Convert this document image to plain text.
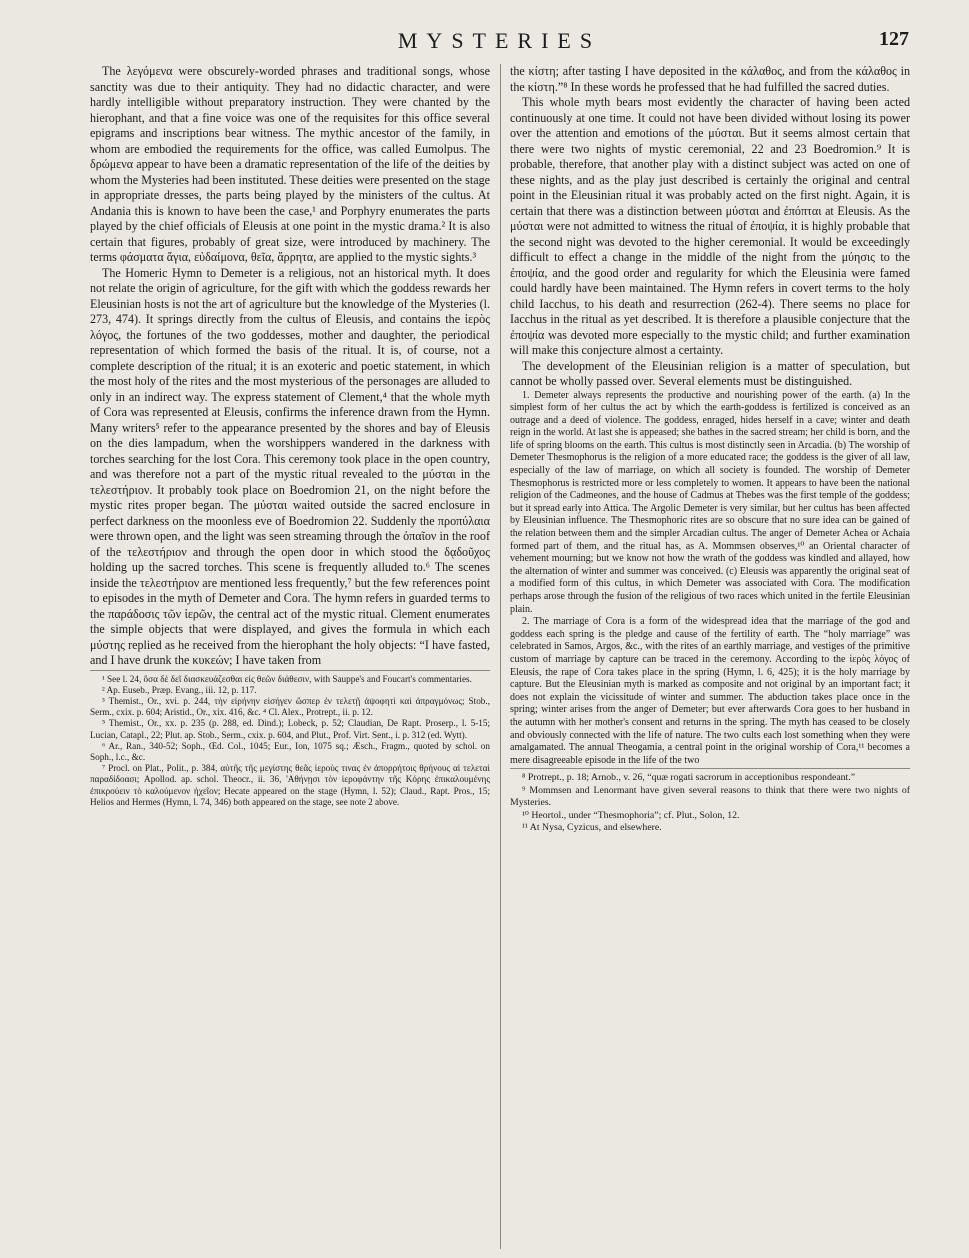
MYSTERIES	127

The λεγόμενα were obscurely-worded phrases and traditional songs, whose sanctity was due to their antiquity. They had no didactic character, and were hardly intelligible without preparatory instruction. They were chanted by the hierophant, and that a fine voice was one of the requisites for this office several epigrams and inscriptions bear witness. The mythic ancestor of the family, in whom are embodied the requirements for the office, was called Eumolpus. The δρώμενα appear to have been a dramatic representation of the life of the deities by whom the Mysteries had been instituted. These deities were presented on the stage in appropriate dresses, the parts being played by the ministers of the cultus. At Andania this is known to have been the case,¹ and Porphyry enumerates the parts played by the chief officials of Eleusis at one point in the mystic drama.² It is also certain that figures, probably of great size, were introduced by machinery. The terms φάσματα ἅγια, εὐδαίμονα, θεῖα, ἄρρητα, are applied to the mystic sights.³

The Homeric Hymn to Demeter is a religious, not an historical myth. It does not relate the origin of agriculture, for the gift with which the goddess rewards her Eleusinian hosts is not the art of agriculture but the knowledge of the Mysteries (l. 273, 474). It springs directly from the cultus of Eleusis, and contains the ἱερὸς λόγος, the fortunes of the two goddesses, mother and daughter, the periodical representation of which formed the basis of the ritual. It is, of course, not a complete description of the ritual; it is an exoteric and poetic statement, in which the most holy of the rites and the most mysterious of the personages are alluded to only in an indirect way. The express statement of Clement,⁴ that the whole myth of Cora was represented at Eleusis, confirms the inference drawn from the Hymn. Many writers⁵ refer to the appearance presented by the shores and bay of Eleusis on the dies lampadum, when the worshippers wandered in the darkness with torches searching for the lost Cora. This ceremony took place in the open country, and was therefore not a part of the mystic ritual revealed to the μύσται in the τελεστήριον. It probably took place on Boedromion 21, on the night before the mystic rites proper began. The μύσται waited outside the sacred enclosure in perfect darkness on the moonless eve of Boedromion 22. Suddenly the προπύλαια were thrown open, and the light was seen streaming through the ὀπαῖον in the roof of the τελεστήριον and through the open door in which stood the δᾳδοῦχος holding up the sacred torches. This scene is frequently alluded to.⁶ The scenes inside the τελεστήριον are mentioned less frequently,⁷ but the few references point to episodes in the myth of Demeter and Cora. The hymn refers in guarded terms to the παράδοσις τῶν ἱερῶν, the central act of the mystic ritual. Clement enumerates the simple objects that were displayed, and gives the formula in which each μύστης replied as he received from the hierophant the holy objects: “I have fasted, and I have drunk the κυκεών; I have taken from

¹ See l. 24, ὅσα δὲ δεῖ διασκευάζεσθαι εἰς θεῶν διάθεσιν, with Sauppe's and Foucart's commentaries.

² Ap. Euseb., Præp. Evang., iii. 12, p. 117.

³ Themist., Or., xvi. p. 244, τὴν εἰρήνην εἰσήγεν ὥσπερ ἐν τελετῇ ἀψοφητὶ καὶ ἀπραγμόνως; Stob., Serm., cxix. p. 604; Aristid., Or., xix. 416, &c. ⁴ Cl. Alex., Protrept., ii. p. 12.

⁵ Themist., Or., xx. p. 235 (p. 288, ed. Dind.); Lobeck, p. 52; Claudian, De Rapt. Proserp., l. 5-15; Lucian, Catapl., 22; Plut. ap. Stob., Serm., cxix. p. 604, and Plut., Prof. Virt. Sent., i. p. 312 (ed. Wytt).

⁶ Ar., Ran., 340-52; Soph., Œd. Col., 1045; Eur., Ion, 1075 sq.; Æsch., Fragm., quoted by schol. on Soph., l.c., &c.

⁷ Procl. on Plat., Polit., p. 384, αὐτῆς τῆς μεγίστης θεᾶς ἱεροὺς τινας ἐν ἀπορρήτοις θρήνους αἱ τελεταὶ παραδίδοασι; Apollod. ap. schol. Theocr., ii. 36, 'Αθήνῃσι τὸν ἱεροφάντην τῆς Κόρης ἐπικαλουμένης ἐπικρούειν τὸ καλούμενον ἠχεῖον; Hecate appeared on the stage (Hymn, l. 52); Claud., Rapt. Pros., 15; Helios and Hermes (Hymn, l. 74, 346) both appeared on the stage, see note 2 above.

the κίστη; after tasting I have deposited in the κάλαθος, and from the κάλαθος in the κίστη.”⁸ In these words he professed that he had fulfilled the sacred duties.

This whole myth bears most evidently the character of having been acted continuously at one time. It could not have been divided without losing its power over the attention and emotions of the μύσται. But it seems almost certain that there were two nights of mystic ceremonial, 22 and 23 Boedromion.⁹ It is probable, therefore, that another play with a distinct subject was acted on one of these nights, and as the play just described is certainly the original and central point in the Eleusinian ritual it was probably acted on the first night. Again, it is certain that there was a distinction between μύσται and ἐπόπται at Eleusis. As the μύσται were not admitted to witness the ritual of ἐποψία, it is highly probable that the second night was devoted to the higher ceremonial. It would be exceedingly difficult to effect a change in the middle of the night from the μύησις to the ἐποψία, and the good order and regularity for which the Eleusinia were famed could hardly have been maintained. The Hymn refers in covert terms to the holy child Iacchus, to his death and resurrection (262-4). There seems no place for Iacchus in the ritual as yet described. It is therefore a plausible conjecture that the ἐποψία was devoted more especially to the mystic child; and further examination will make this conjecture almost a certainty.

The development of the Eleusinian religion is a matter of speculation, but cannot be wholly passed over. Several elements must be distinguished.

1. Demeter always represents the productive and nourishing power of the earth. (a) In the simplest form of her cultus the act by which the earth-goddess is fertilized is conceived as an outrage and a deed of violence. The goddess, enraged, hides herself in a cave; winter and death reign in the world. At last she is appeased; she bathes in the sacred stream; her child is born, and the life of spring blooms on the earth. This cultus is most distinctly seen in Arcadia. (b) The worship of Demeter Thesmophorus is the religion of a more educated race; the goddess is the giver of all law, especially of the law of marriage, on which all society is founded. The worship of Demeter Thesmophorus is restricted more or less completely to women. It appears to have been the national religion of the Cadmeones, and the house of Cadmus at Thebes was the first temple of the goddess; but it spread early into Attica. The Argolic Demeter is very similar, but her cultus has been affected by Eleusinian influence. The Thesmophoric rites are so obscure that no sure idea can be gained of the relation between them and the simpler Arcadian cultus. The anger of Demeter Achea or Achaia formed part of them, and the ritual has, as A. Mommsen observes,¹⁰ an Oriental character of vehement mourning; but we know not how the wrath of the goddess was kindled and allayed, how the alternation of winter and summer was conceived. (c) Eleusis was apparently the original seat of a modified form of this cultus, in which Demeter was associated with Cora. The modification perhaps arose through the fusion of the religious of two races which united in the fertile Eleusinian plain.

2. The marriage of Cora is a form of the widespread idea that the marriage of the god and goddess each spring is the pledge and cause of the fertility of earth. The “holy marriage” was celebrated in Samos, Argos, &c., with the rites of an earthly marriage, and vestiges of the primitive custom of marriage by capture can be traced in the ceremony. According to the ἱερὸς λόγος of Eleusis, the rape of Cora takes place in the spring (Hymn, l. 6, 425); it is the holy marriage by capture. But the Eleusinian myth is marked as composite and not original by an important fact; it does not explain the vicissitude of winter and summer. The abduction takes place once in the spring; winter arises from the anger of Demeter; but ever afterwards Cora goes to her husband in the autumn with her mother's consent and returns in the spring. The myth has ceased to be closely and obviously connected with the life of nature. The two cults each lost something when they were amalgamated. The annual Theogamia, a central point in the original worship of Cora,¹¹ becomes a mere disagreeable episode in the life of the two

⁸ Protrept., p. 18; Arnob., v. 26, “quæ rogati sacrorum in acceptionibus respondeant.”

⁹ Mommsen and Lenormant have given several reasons to think that there were two nights of Mysteries.

¹⁰ Heortol., under “Thesmophoria”; cf. Plut., Solon, 12.

¹¹ At Nysa, Cyzicus, and elsewhere.
